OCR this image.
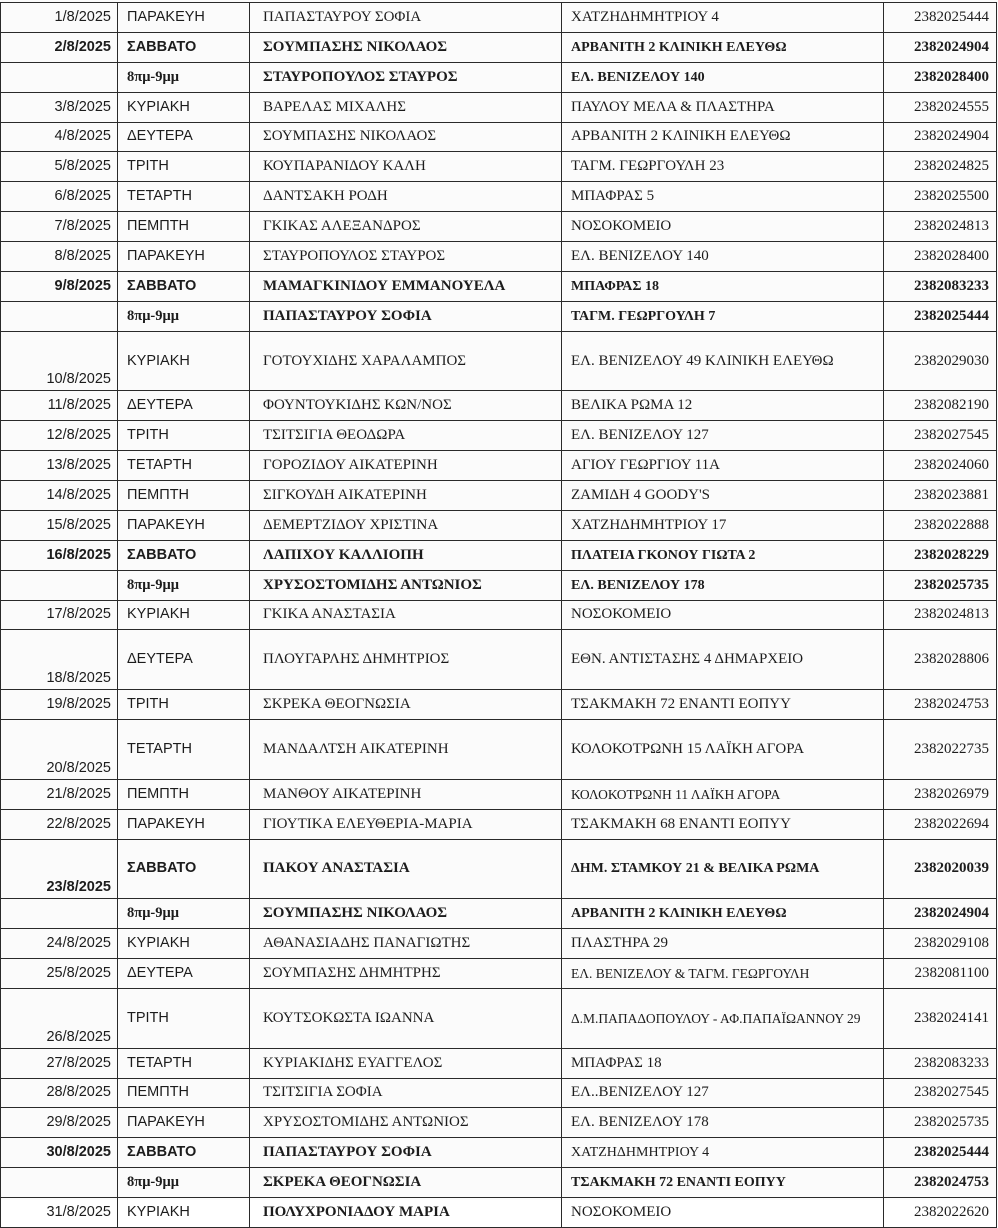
1/8/2025	ΠΑΡΑΚΕΥΗ	ΠΑΠΑΣΤΑΥΡΟΥ ΣΟΦΙΑ	ΧΑΤΖΗΔΗΜΗΤΡΙΟΥ 4	2382025444
2/8/2025	ΣΑΒΒΑΤΟ	ΣΟΥΜΠΑΣΗΣ ΝΙΚΟΛΑΟΣ	ΑΡΒΑΝΙΤΗ 2 ΚΛΙΝΙΚΗ ΕΛΕΥΘΩ	2382024904
	8πμ-9μμ	ΣΤΑΥΡΟΠΟΥΛΟΣ ΣΤΑΥΡΟΣ	ΕΛ. ΒΕΝΙΖΕΛΟΥ 140	2382028400
3/8/2025	ΚΥΡΙΑΚΗ	ΒΑΡΕΛΑΣ ΜΙΧΑΛΗΣ	ΠΑΥΛΟΥ ΜΕΛΑ & ΠΛΑΣΤΗΡΑ	2382024555
4/8/2025	ΔΕΥΤΕΡΑ	ΣΟΥΜΠΑΣΗΣ ΝΙΚΟΛΑΟΣ	ΑΡΒΑΝΙΤΗ 2 ΚΛΙΝΙΚΗ ΕΛΕΥΘΩ	2382024904
5/8/2025	ΤΡΙΤΗ	ΚΟΥΠΑΡΑΝΙΔΟΥ ΚΑΛΗ	ΤΑΓΜ. ΓΕΩΡΓΟΥΛΗ 23	2382024825
6/8/2025	ΤΕΤΑΡΤΗ	ΔΑΝΤΣΑΚΗ ΡΟΔΗ	ΜΠΑΦΡΑΣ 5	2382025500
7/8/2025	ΠΕΜΠΤΗ	ΓΚΙΚΑΣ ΑΛΕΞΑΝΔΡΟΣ	ΝΟΣΟΚΟΜΕΙΟ	2382024813
8/8/2025	ΠΑΡΑΚΕΥΗ	ΣΤΑΥΡΟΠΟΥΛΟΣ ΣΤΑΥΡΟΣ	ΕΛ. ΒΕΝΙΖΕΛΟΥ 140	2382028400
9/8/2025	ΣΑΒΒΑΤΟ	ΜΑΜΑΓΚΙΝΙΔΟΥ ΕΜΜΑΝΟΥΕΛΑ	ΜΠΑΦΡΑΣ 18	2382083233
	8πμ-9μμ	ΠΑΠΑΣΤΑΥΡΟΥ ΣΟΦΙΑ	ΤΑΓΜ. ΓΕΩΡΓΟΥΛΗ 7	2382025444
10/8/2025	ΚΥΡΙΑΚΗ	ΓΟΤΟΥΧΙΔΗΣ ΧΑΡΑΛΑΜΠΟΣ	ΕΛ. ΒΕΝΙΖΕΛΟΥ 49 ΚΛΙΝΙΚΗ ΕΛΕΥΘΩ	2382029030
11/8/2025	ΔΕΥΤΕΡΑ	ΦΟΥΝΤΟΥΚΙΔΗΣ ΚΩΝ/ΝΟΣ	ΒΕΛΙΚΑ ΡΩΜΑ 12	2382082190
12/8/2025	ΤΡΙΤΗ	ΤΣΙΤΣΙΓΙΑ ΘΕΟΔΩΡΑ	ΕΛ. ΒΕΝΙΖΕΛΟΥ 127	2382027545
13/8/2025	ΤΕΤΑΡΤΗ	ΓΟΡΟΖΙΔΟΥ ΑΙΚΑΤΕΡΙΝΗ	ΑΓΙΟΥ ΓΕΩΡΓΙΟΥ 11Α	2382024060
14/8/2025	ΠΕΜΠΤΗ	ΣΙΓΚΟΥΔΗ ΑΙΚΑΤΕΡΙΝΗ	ΖΑΜΙΔΗ 4 GOODY'S	2382023881
15/8/2025	ΠΑΡΑΚΕΥΗ	ΔΕΜΕΡΤΖΙΔΟΥ ΧΡΙΣΤΙΝΑ	ΧΑΤΖΗΔΗΜΗΤΡΙΟΥ 17	2382022888
16/8/2025	ΣΑΒΒΑΤΟ	ΛΑΠΙΧΟΥ ΚΑΛΛΙΟΠΗ	ΠΛΑΤΕΙΑ ΓΚΟΝΟΥ ΓΙΩΤΑ 2	2382028229
	8πμ-9μμ	ΧΡΥΣΟΣΤΟΜΙΔΗΣ ΑΝΤΩΝΙΟΣ	ΕΛ. ΒΕΝΙΖΕΛΟΥ 178	2382025735
17/8/2025	ΚΥΡΙΑΚΗ	ΓΚΙΚΑ ΑΝΑΣΤΑΣΙΑ	ΝΟΣΟΚΟΜΕΙΟ	2382024813
18/8/2025	ΔΕΥΤΕΡΑ	ΠΛΟΥΓΑΡΛΗΣ ΔΗΜΗΤΡΙΟΣ	ΕΘΝ. ΑΝΤΙΣΤΑΣΗΣ 4 ΔΗΜΑΡΧΕΙΟ	2382028806
19/8/2025	ΤΡΙΤΗ	ΣΚΡΕΚΑ ΘΕΟΓΝΩΣΙΑ	ΤΣΑΚΜΑΚΗ 72 ΕΝΑΝΤΙ ΕΟΠΥΥ	2382024753
20/8/2025	ΤΕΤΑΡΤΗ	ΜΑΝΔΑΛΤΣΗ ΑΙΚΑΤΕΡΙΝΗ	ΚΟΛΟΚΟΤΡΩΝΗ 15 ΛΑΪΚΗ ΑΓΟΡΑ	2382022735
21/8/2025	ΠΕΜΠΤΗ	ΜΑΝΘΟΥ ΑΙΚΑΤΕΡΙΝΗ	ΚΟΛΟΚΟΤΡΩΝΗ 11 ΛΑΪΚΗ ΑΓΟΡΑ	2382026979
22/8/2025	ΠΑΡΑΚΕΥΗ	ΓΙΟΥΤΙΚΑ ΕΛΕΥΘΕΡΙΑ-ΜΑΡΙΑ	ΤΣΑΚΜΑΚΗ 68 ΕΝΑΝΤΙ ΕΟΠΥΥ	2382022694
23/8/2025	ΣΑΒΒΑΤΟ	ΠΑΚΟΥ ΑΝΑΣΤΑΣΙΑ	ΔΗΜ. ΣΤΑΜΚΟΥ 21 & ΒΕΛΙΚΑ ΡΩΜΑ	2382020039
	8πμ-9μμ	ΣΟΥΜΠΑΣΗΣ ΝΙΚΟΛΑΟΣ	ΑΡΒΑΝΙΤΗ 2 ΚΛΙΝΙΚΗ ΕΛΕΥΘΩ	2382024904
24/8/2025	ΚΥΡΙΑΚΗ	ΑΘΑΝΑΣΙΑΔΗΣ ΠΑΝΑΓΙΩΤΗΣ	ΠΛΑΣΤΗΡΑ 29	2382029108
25/8/2025	ΔΕΥΤΕΡΑ	ΣΟΥΜΠΑΣΗΣ ΔΗΜΗΤΡΗΣ	ΕΛ. ΒΕΝΙΖΕΛΟΥ & ΤΑΓΜ. ΓΕΩΡΓΟΥΛΗ	2382081100
26/8/2025	ΤΡΙΤΗ	ΚΟΥΤΣΟΚΩΣΤΑ ΙΩΑΝΝΑ	Δ.Μ.ΠΑΠΑΔΟΠΟΥΛΟΥ - ΑΦ.ΠΑΠΑΪΩΑΝΝΟΥ 29	2382024141
27/8/2025	ΤΕΤΑΡΤΗ	ΚΥΡΙΑΚΙΔΗΣ ΕΥΑΓΓΕΛΟΣ	ΜΠΑΦΡΑΣ 18	2382083233
28/8/2025	ΠΕΜΠΤΗ	ΤΣΙΤΣΙΓΙΑ ΣΟΦΙΑ	ΕΛ..ΒΕΝΙΖΕΛΟΥ 127	2382027545
29/8/2025	ΠΑΡΑΚΕΥΗ	ΧΡΥΣΟΣΤΟΜΙΔΗΣ ΑΝΤΩΝΙΟΣ	ΕΛ. ΒΕΝΙΖΕΛΟΥ 178	2382025735
30/8/2025	ΣΑΒΒΑΤΟ	ΠΑΠΑΣΤΑΥΡΟΥ ΣΟΦΙΑ	ΧΑΤΖΗΔΗΜΗΤΡΙΟΥ 4	2382025444
	8πμ-9μμ	ΣΚΡΕΚΑ ΘΕΟΓΝΩΣΙΑ	ΤΣΑΚΜΑΚΗ 72 ΕΝΑΝΤΙ ΕΟΠΥΥ	2382024753
31/8/2025	ΚΥΡΙΑΚΗ	ΠΟΛΥΧΡΟΝΙΑΔΟΥ ΜΑΡΙΑ	ΝΟΣΟΚΟΜΕΙΟ	2382022620
